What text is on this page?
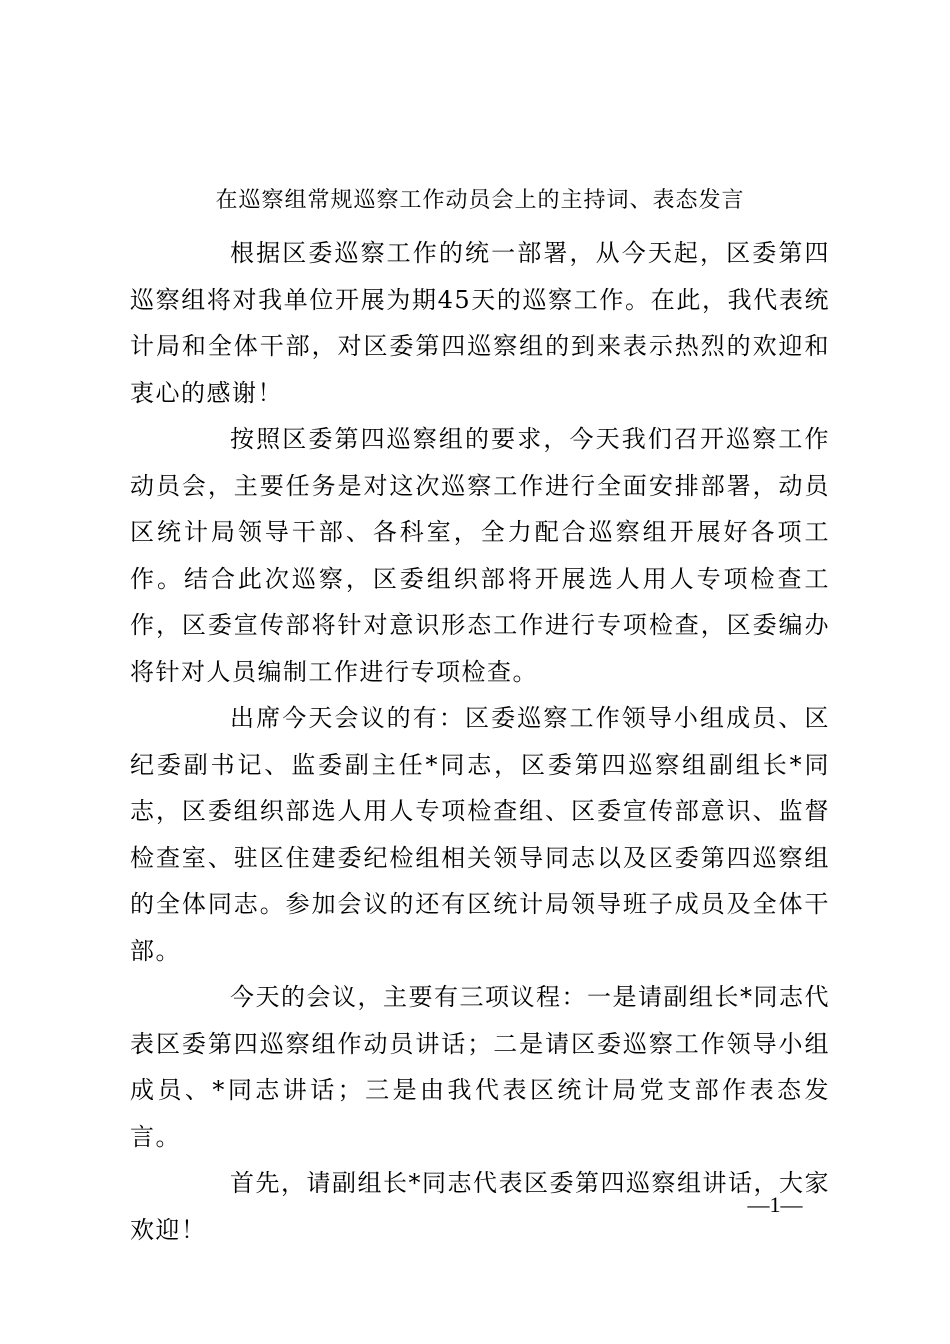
在巡察组常规巡察工作动员会上的主持词、表态发言

根据区委巡察工作的统一部署，从今天起，区委第四巡察组将对我单位开展为期45天的巡察工作。在此，我代表统计局和全体干部，对区委第四巡察组的到来表示热烈的欢迎和衷心的感谢！

按照区委第四巡察组的要求，今天我们召开巡察工作动员会，主要任务是对这次巡察工作进行全面安排部署，动员区统计局领导干部、各科室，全力配合巡察组开展好各项工作。结合此次巡察，区委组织部将开展选人用人专项检查工作，区委宣传部将针对意识形态工作进行专项检查，区委编办将针对人员编制工作进行专项检查。

出席今天会议的有：区委巡察工作领导小组成员、区纪委副书记、监委副主任*同志，区委第四巡察组副组长*同志，区委组织部选人用人专项检查组、区委宣传部意识、监督检查室、驻区住建委纪检组相关领导同志以及区委第四巡察组的全体同志。参加会议的还有区统计局领导班子成员及全体干部。

今天的会议，主要有三项议程：一是请副组长*同志代表区委第四巡察组作动员讲话；二是请区委巡察工作领导小组成员、*同志讲话；三是由我代表区统计局党支部作表态发言。

首先，请副组长*同志代表区委第四巡察组讲话，大家欢迎！

—1—
